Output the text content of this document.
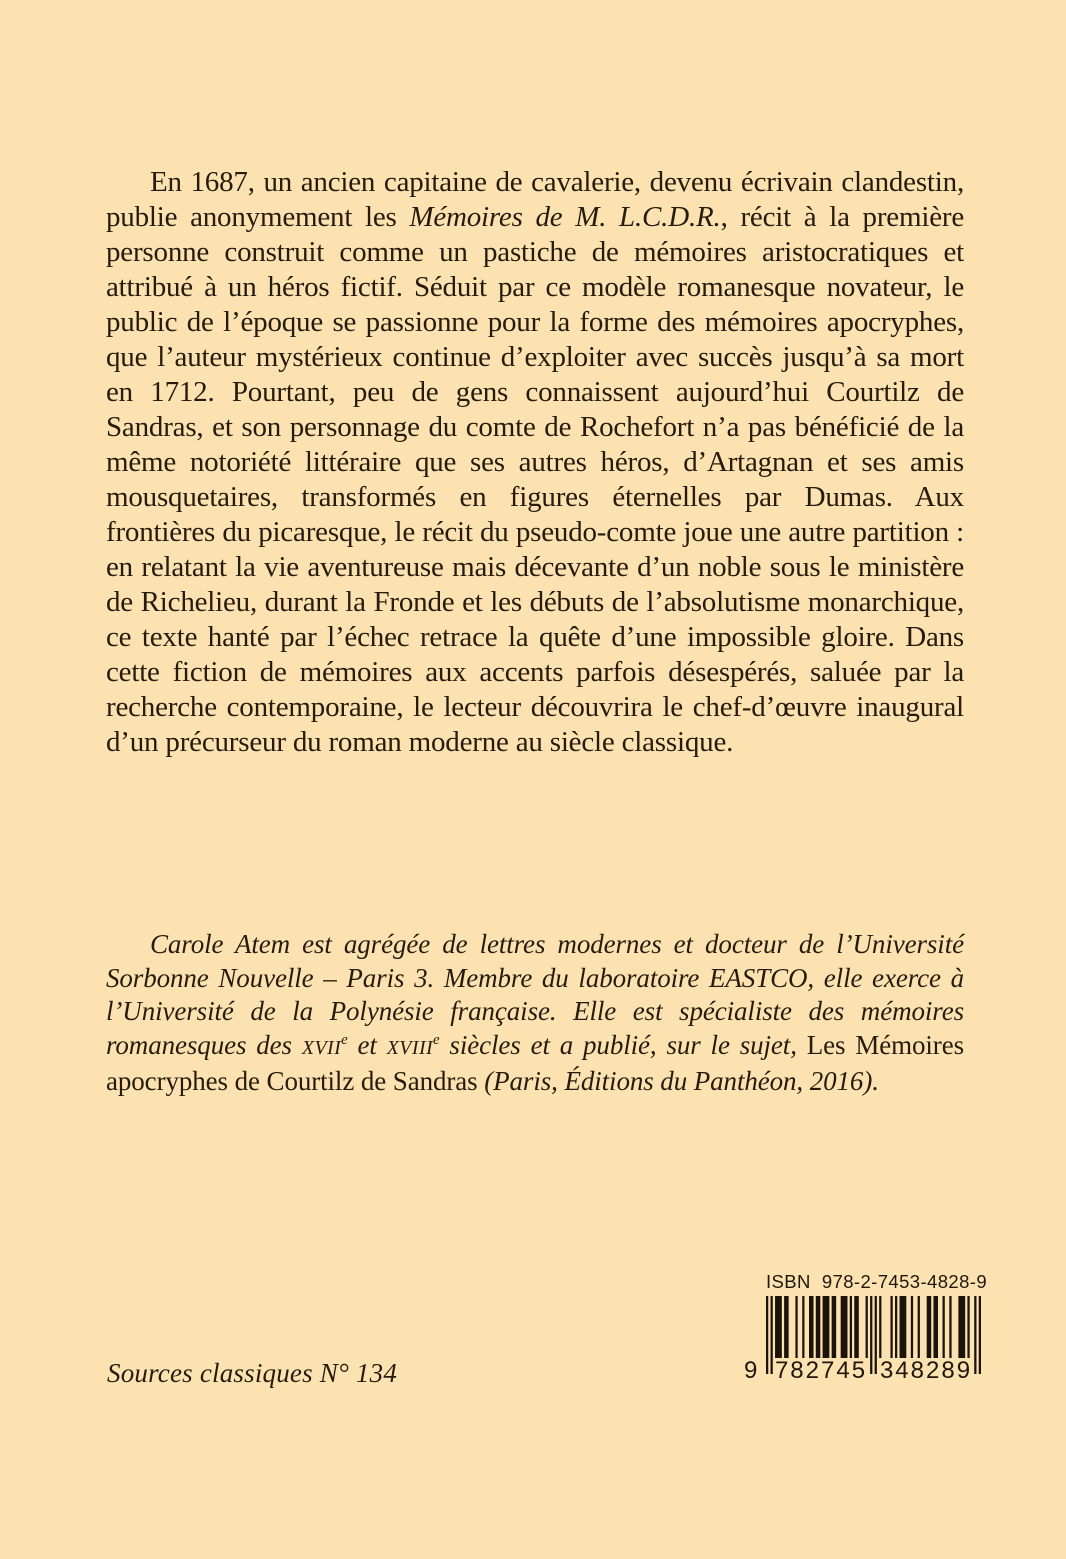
En 1687, un ancien capitaine de cavalerie, devenu écrivain clandestin, publie anonymement les Mémoires de M. L.C.D.R., récit à la première personne construit comme un pastiche de mémoires aristocratiques et attribué à un héros fictif. Séduit par ce modèle romanesque novateur, le public de l’époque se passionne pour la forme des mémoires apocryphes, que l’auteur mystérieux continue d’exploiter avec succès jusqu’à sa mort en 1712. Pourtant, peu de gens connaissent aujourd’hui Courtilz de Sandras, et son personnage du comte de Rochefort n’a pas bénéficié de la même notoriété littéraire que ses autres héros, d’Artagnan et ses amis mousquetaires, transformés en figures éternelles par Dumas. Aux frontières du picaresque, le récit du pseudo-comte joue une autre partition : en relatant la vie aventureuse mais décevante d’un noble sous le ministère de Richelieu, durant la Fronde et les débuts de l’absolutisme monarchique, ce texte hanté par l’échec retrace la quête d’une impossible gloire. Dans cette fiction de mémoires aux accents parfois désespérés, saluée par la recherche contemporaine, le lecteur découvrira le chef-d’œuvre inaugural d’un précurseur du roman moderne au siècle classique.

Carole Atem est agrégée de lettres modernes et docteur de l’Université Sorbonne Nouvelle – Paris 3. Membre du laboratoire EASTCO, elle exerce à l’Université de la Polynésie française. Elle est spécialiste des mémoires romanesques des XVIIe et XVIIIe siècles et a publié, sur le sujet, Les Mémoires apocryphes de Courtilz de Sandras (Paris, Éditions du Panthéon, 2016).

Sources classiques N° 134
ISBN  978-2-7453-4828-9
9 782745 348289
